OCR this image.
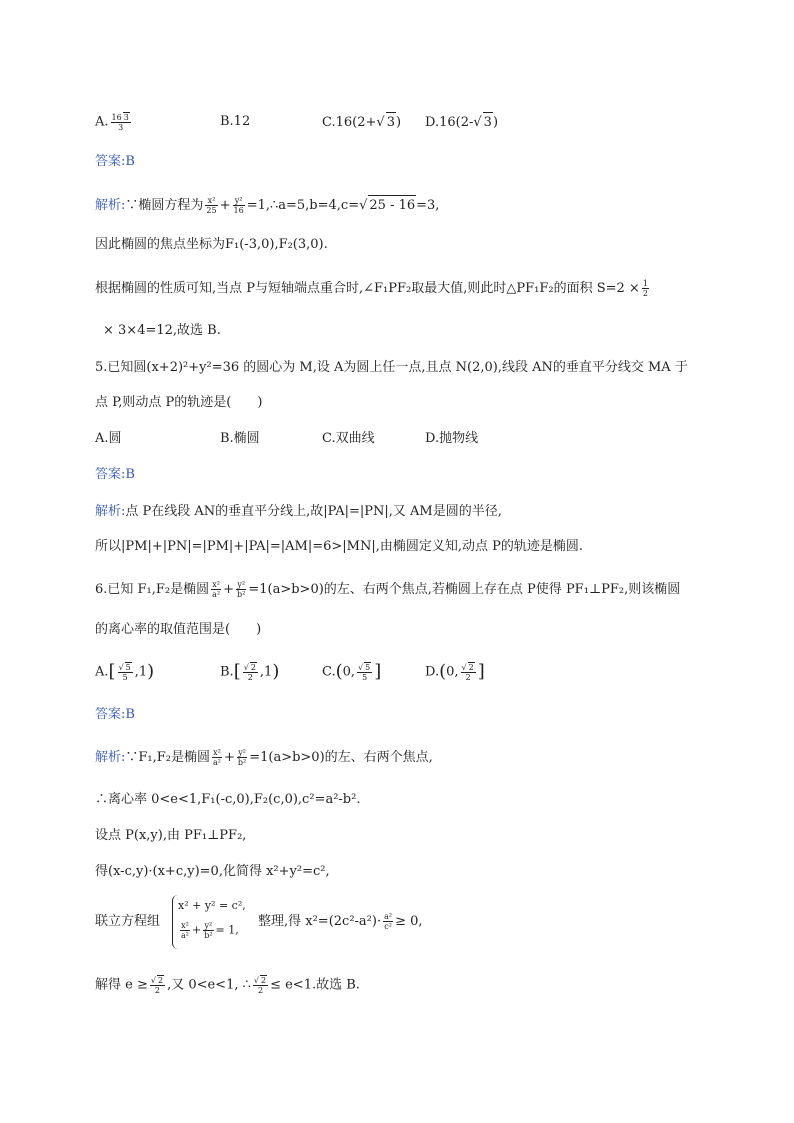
A. $\frac{16 3}{3}$	B.12	C.16(2+√ 3) D.16(2-√ 3)
答案:B
解析:∵椭圆方程为 $\frac{\text{x²}}{25} + \frac{\text{y²}}{16}$ =1,∴a=5,b=4,c=√ 25 - 16=3,
因此椭圆的焦点坐标为F₁(-3,0),F₂(3,0).
根据椭圆的性质可知,当点 P与短轴端点重合时,∠F₁PF₂取最大值,则此时△PF₁F₂的面积 $S=2 \times \frac{1}{2}$
× 3×4=12,故选 B.
5.已知圆(x+2)²+y²=36 的圆心为 M,设 A为圆上任一点,且点 N(2,0),线段 AN的垂直平分线交 MA 于
点 P,则动点 P的轨迹是(　　)
A.圆	B.椭圆	C.双曲线	D.抛物线
答案:B
解析:点 P在线段 AN的垂直平分线上,故|PA|=|PN|,又 AM是圆的半径,
所以|PM|+|PN|=|PM|+|PA|=|AM|=6>|MN|,由椭圆定义知,动点 P的轨迹是椭圆.
6.已知 F₁,F₂是椭圆 $\frac{\text{x²}}{\text{a²}} + \frac{\text{y²}}{\text{b²}} =1(a>b>0)$的左、右两个焦点,若椭圆上存在点 P使得 PF₁⊥PF₂,则该椭圆
的离心率的取值范围是(　　)
$A.[ \frac{√ 5}{5} ,1)$	$B.[ \frac{√ 2}{2} ,1)$	C.(0, $\frac{√ 5}{5}$ ]	D.(0, $\frac{√ 2}{2}$ ]
答案:B
解析:∵F₁,F₂是椭圆 $\frac{\text{x²}}{\text{a²}} + \frac{\text{y²}}{\text{b²}} =1(a>b>0)$的左、右两个焦点,
∴离心率 0<e<1,F₁(-c,0),F₂(c,0),c²=a²-b².
设点 P(x,y),由 PF₁⊥PF₂,
得(x-c,y)·(x+c,y)=0,化简得 x²+y²=c²,
联立方程组
x² + y² = c²,
$\frac{\text{x²}}{\text{a²}} + \frac{\text{y²}}{\text{b²}} = 1$,
整理,得 $x^2=(2c^2-a^2)\cdot \frac{\text{a²}}{\text{c²}} \ge 0$,
解得 $e \ge \frac{√ 2}{2}$ ,又 0<e<1, ∴ $\frac{√ 2}{2} \le e<1$.故选 B.
